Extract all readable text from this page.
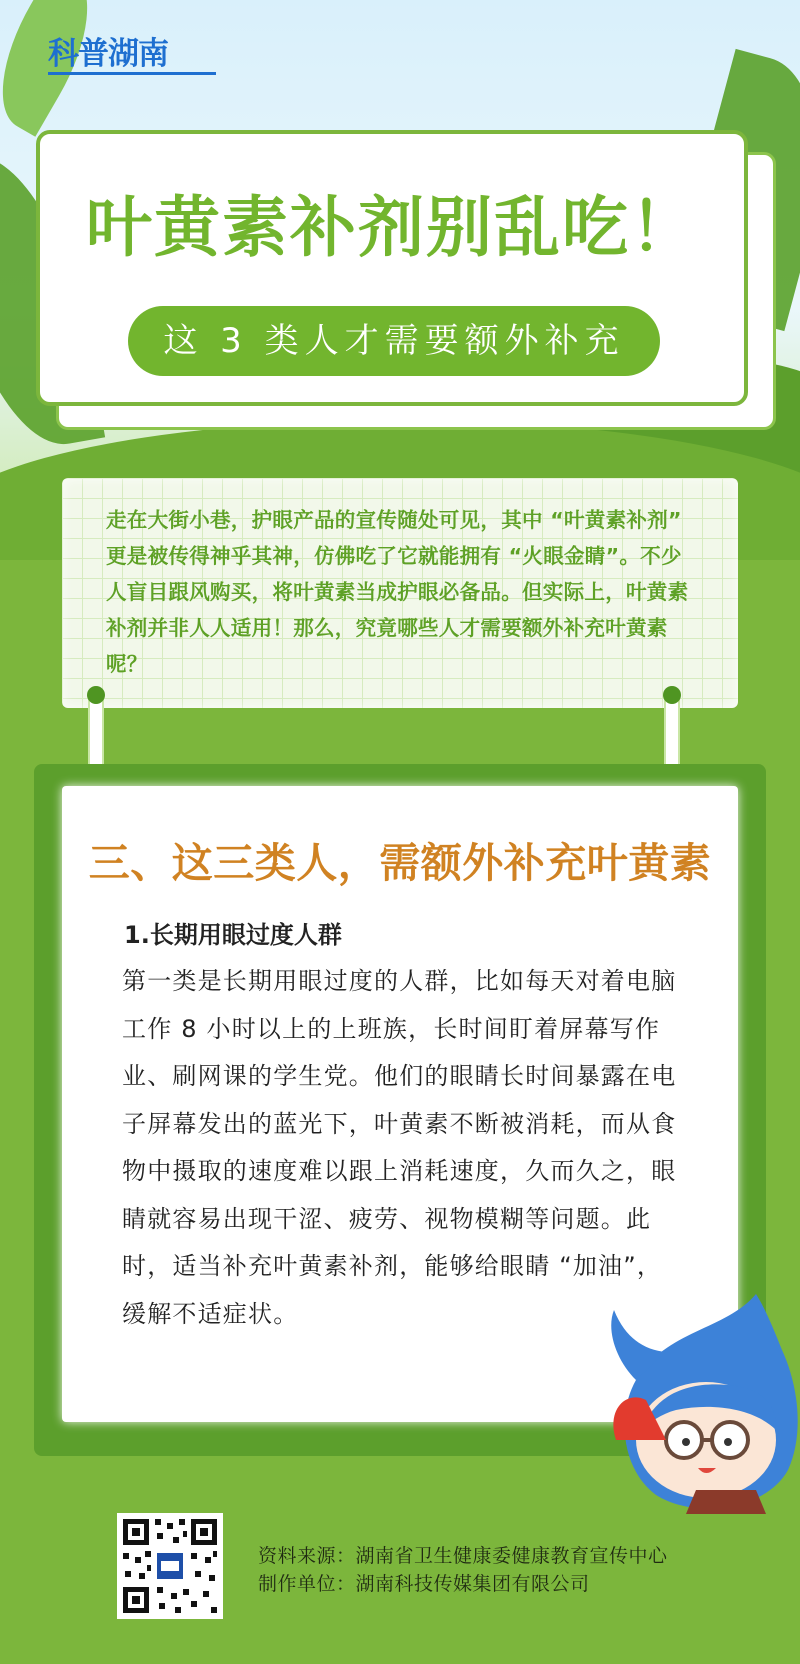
科普湖南
叶黄素补剂别乱吃！
这 3 类人才需要额外补充
走在大街小巷，护眼产品的宣传随处可见，其中 “叶黄素补剂” 更是被传得神乎其神，仿佛吃了它就能拥有 “火眼金睛”。不少人盲目跟风购买，将叶黄素当成护眼必备品。但实际上，叶黄素补剂并非人人适用！那么，究竟哪些人才需要额外补充叶黄素呢？
三、这三类人，需额外补充叶黄素
1.长期用眼过度人群
第一类是长期用眼过度的人群，比如每天对着电脑工作 8 小时以上的上班族，长时间盯着屏幕写作业、刷网课的学生党。他们的眼睛长时间暴露在电子屏幕发出的蓝光下，叶黄素不断被消耗，而从食物中摄取的速度难以跟上消耗速度，久而久之，眼睛就容易出现干涩、疲劳、视物模糊等问题。此时，适当补充叶黄素补剂，能够给眼睛 “加油”，缓解不适症状。
资料来源：湖南省卫生健康委健康教育宣传中心
制作单位：湖南科技传媒集团有限公司
